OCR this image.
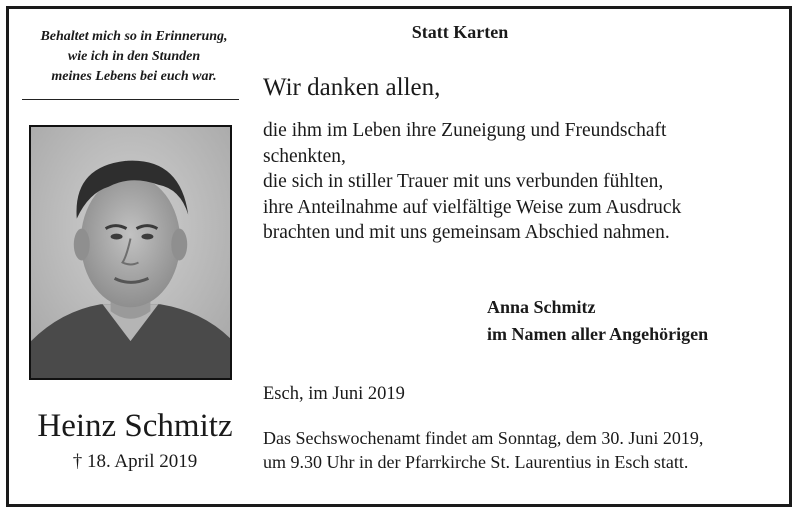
Behaltet mich so in Erinnerung,
wie ich in den Stunden
meines Lebens bei euch war.
Heinz Schmitz
† 18. April 2019
Statt Karten
Wir danken allen,
die ihm im Leben ihre Zuneigung und Freundschaft
schenkten,
die sich in stiller Trauer mit uns verbunden fühlten,
ihre Anteilnahme auf vielfältige Weise zum Ausdruck
brachten und mit uns gemeinsam Abschied nahmen.
Anna Schmitz
im Namen aller Angehörigen
Esch, im Juni 2019
Das Sechswochenamt findet am Sonntag, dem 30. Juni 2019,
um 9.30 Uhr in der Pfarrkirche St. Laurentius in Esch statt.
